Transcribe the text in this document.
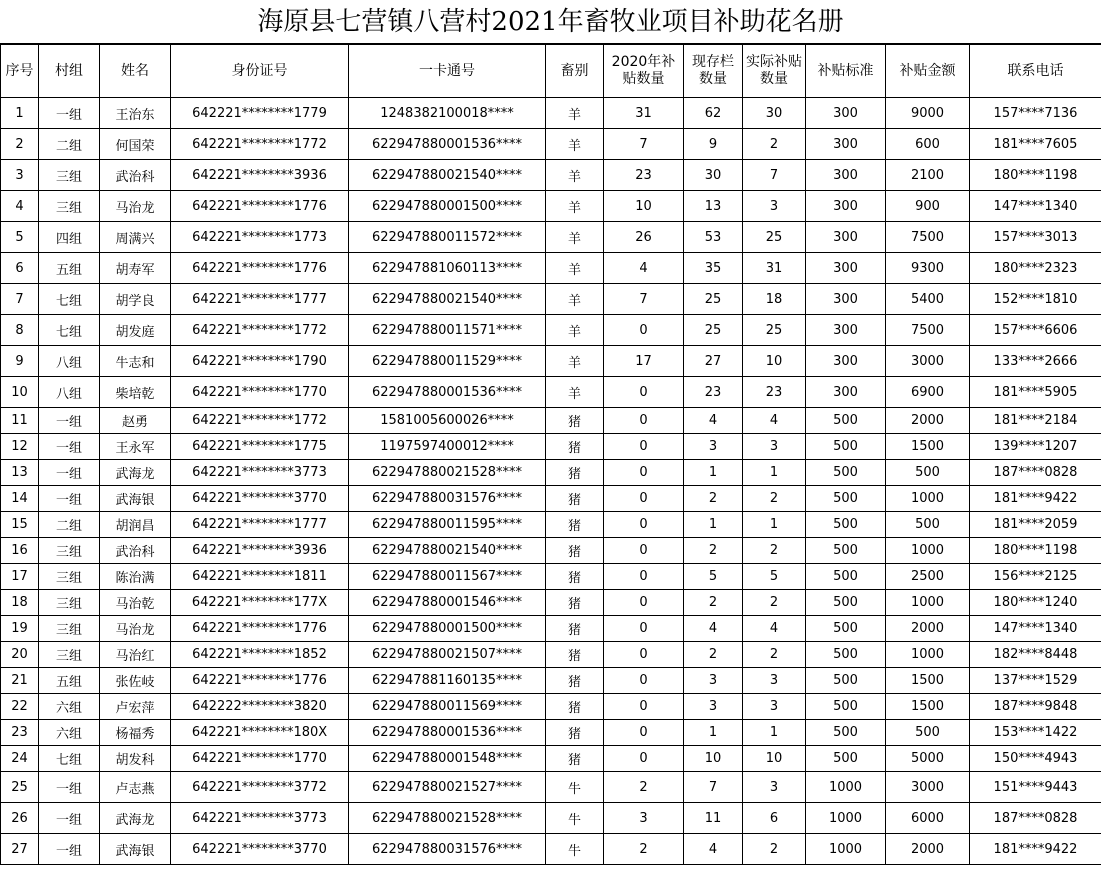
海原县七营镇八营村2021年畜牧业项目补助花名册
序号	村组	姓名	身份证号	一卡通号	畜别	2020年补贴数量	现存栏数量	实际补贴数量	补贴标准	补贴金额	联系电话
1	一组	王治东	642221********1779	1248382100018****	羊	31	62	30	300	9000	157****7136
2	二组	何国荣	642221********1772	622947880001536****	羊	7	9	2	300	600	181****7605
3	三组	武治科	642221********3936	622947880021540****	羊	23	30	7	300	2100	180****1198
4	三组	马治龙	642221********1776	622947880001500****	羊	10	13	3	300	900	147****1340
5	四组	周满兴	642221********1773	622947880011572****	羊	26	53	25	300	7500	157****3013
6	五组	胡寿军	642221********1776	622947881060113****	羊	4	35	31	300	9300	180****2323
7	七组	胡学良	642221********1777	622947880021540****	羊	7	25	18	300	5400	152****1810
8	七组	胡发庭	642221********1772	622947880011571****	羊	0	25	25	300	7500	157****6606
9	八组	牛志和	642221********1790	622947880011529****	羊	17	27	10	300	3000	133****2666
10	八组	柴培乾	642221********1770	622947880001536****	羊	0	23	23	300	6900	181****5905
11	一组	赵勇	642221********1772	1581005600026****	猪	0	4	4	500	2000	181****2184
12	一组	王永军	642221********1775	1197597400012****	猪	0	3	3	500	1500	139****1207
13	一组	武海龙	642221********3773	622947880021528****	猪	0	1	1	500	500	187****0828
14	一组	武海银	642221********3770	622947880031576****	猪	0	2	2	500	1000	181****9422
15	二组	胡润昌	642221********1777	622947880011595****	猪	0	1	1	500	500	181****2059
16	三组	武治科	642221********3936	622947880021540****	猪	0	2	2	500	1000	180****1198
17	三组	陈治满	642221********1811	622947880011567****	猪	0	5	5	500	2500	156****2125
18	三组	马治乾	642221********177X	622947880001546****	猪	0	2	2	500	1000	180****1240
19	三组	马治龙	642221********1776	622947880001500****	猪	0	4	4	500	2000	147****1340
20	三组	马治红	642221********1852	622947880021507****	猪	0	2	2	500	1000	182****8448
21	五组	张佐岐	642221********1776	622947881160135****	猪	0	3	3	500	1500	137****1529
22	六组	卢宏萍	642222********3820	622947880011569****	猪	0	3	3	500	1500	187****9848
23	六组	杨福秀	642221********180X	622947880001536****	猪	0	1	1	500	500	153****1422
24	七组	胡发科	642221********1770	622947880001548****	猪	0	10	10	500	5000	150****4943
25	一组	卢志燕	642221********3772	622947880021527****	牛	2	7	3	1000	3000	151****9443
26	一组	武海龙	642221********3773	622947880021528****	牛	3	11	6	1000	6000	187****0828
27	一组	武海银	642221********3770	622947880031576****	牛	2	4	2	1000	2000	181****9422
